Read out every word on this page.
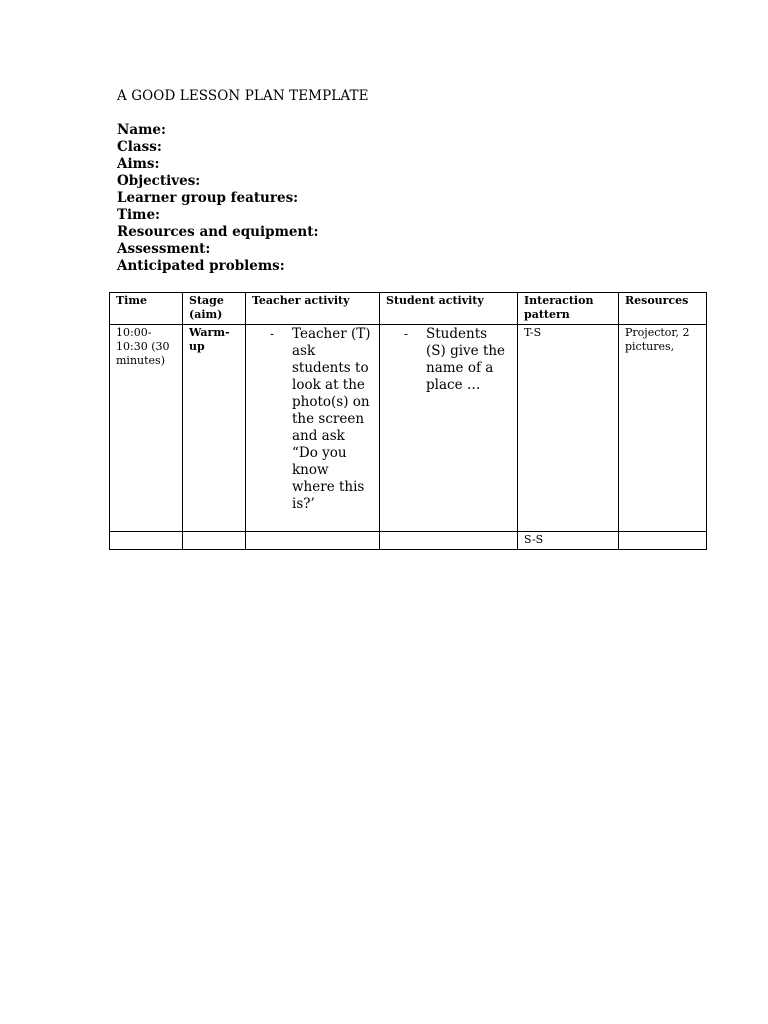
A GOOD LESSON PLAN TEMPLATE
Name:
Class:
Aims:
Objectives:
Learner group features:
Time:
Resources and equipment:
Assessment:
Anticipated problems:
Time	Stage (aim)	Teacher activity	Student activity	Interaction pattern	Resources
10:00-10:30 (30 minutes)	Warm-up	- Teacher (T) ask students to look at the photo(s) on the screen and ask “Do you know where this is?’	- Students (S) give the name of a place …	T-S	Projector, 2 pictures,
				S-S	
